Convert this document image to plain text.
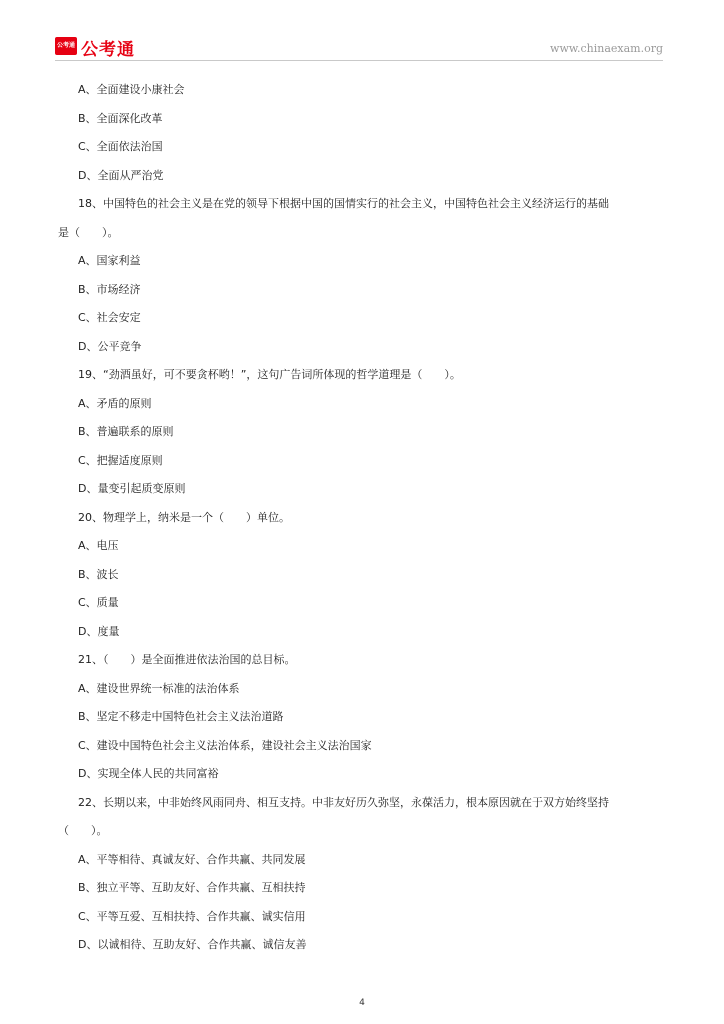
公考通 公考通	www.chinaexam.org
A、全面建设小康社会
B、全面深化改革
C、全面依法治国
D、全面从严治党
18、中国特色的社会主义是在党的领导下根据中国的国情实行的社会主义，中国特色社会主义经济运行的基础
是（　　）。
A、国家利益
B、市场经济
C、社会安定
D、公平竞争
19、“劲酒虽好，可不要贪杯哟！”，这句广告词所体现的哲学道理是（　　）。
A、矛盾的原则
B、普遍联系的原则
C、把握适度原则
D、量变引起质变原则
20、物理学上，纳米是一个（　　）单位。
A、电压
B、波长
C、质量
D、度量
21、（　　）是全面推进依法治国的总目标。
A、建设世界统一标准的法治体系
B、坚定不移走中国特色社会主义法治道路
C、建设中国特色社会主义法治体系，建设社会主义法治国家
D、实现全体人民的共同富裕
22、长期以来，中非始终风雨同舟、相互支持。中非友好历久弥坚，永葆活力，根本原因就在于双方始终坚持
（　　）。
A、平等相待、真诚友好、合作共赢、共同发展
B、独立平等、互助友好、合作共赢、互相扶持
C、平等互爱、互相扶持、合作共赢、诚实信用
D、以诚相待、互助友好、合作共赢、诚信友善
4
